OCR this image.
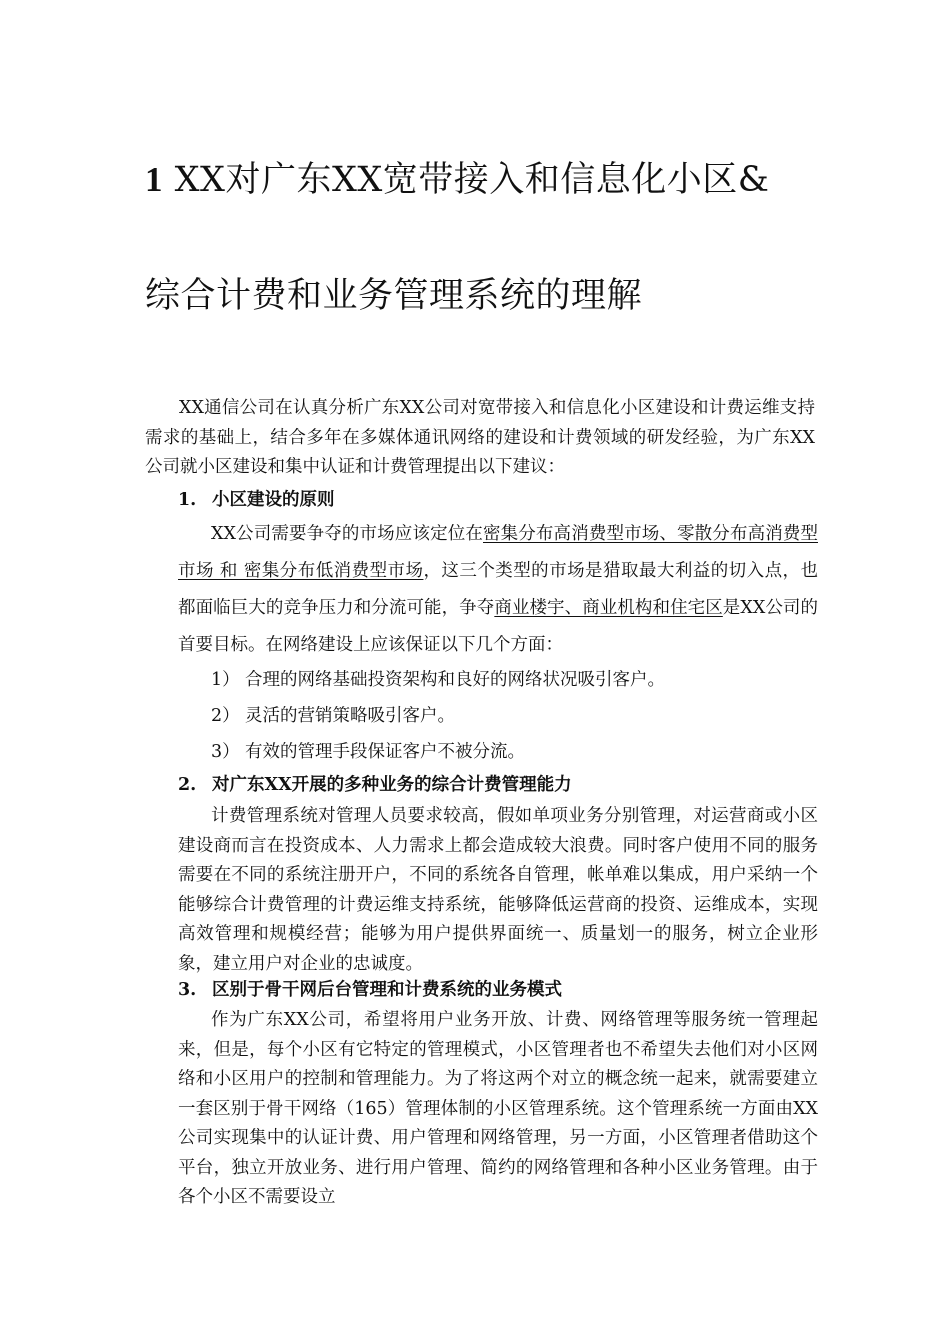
1 XX对广东XX宽带接入和信息化小区&
综合计费和业务管理系统的理解
XX通信公司在认真分析广东XX公司对宽带接入和信息化小区建设和计费运维支持需求的基础上，结合多年在多媒体通讯网络的建设和计费领域的研发经验，为广东XX公司就小区建设和集中认证和计费管理提出以下建议：
1. 小区建设的原则
XX公司需要争夺的市场应该定位在密集分布高消费型市场、零散分布高消费型市场 和 密集分布低消费型市场，这三个类型的市场是猎取最大利益的切入点，也都面临巨大的竞争压力和分流可能，争夺商业楼宇、商业机构和住宅区是XX公司的首要目标。在网络建设上应该保证以下几个方面：
1） 合理的网络基础投资架构和良好的网络状况吸引客户。
2） 灵活的营销策略吸引客户。
3） 有效的管理手段保证客户不被分流。
2. 对广东XX开展的多种业务的综合计费管理能力
计费管理系统对管理人员要求较高，假如单项业务分别管理，对运营商或小区建设商而言在投资成本、人力需求上都会造成较大浪费。同时客户使用不同的服务需要在不同的系统注册开户，不同的系统各自管理，帐单难以集成，用户采纳一个能够综合计费管理的计费运维支持系统，能够降低运营商的投资、运维成本，实现高效管理和规模经营；能够为用户提供界面统一、质量划一的服务，树立企业形象，建立用户对企业的忠诚度。
3. 区别于骨干网后台管理和计费系统的业务模式
作为广东XX公司，希望将用户业务开放、计费、网络管理等服务统一管理起来，但是，每个小区有它特定的管理模式，小区管理者也不希望失去他们对小区网络和小区用户的控制和管理能力。为了将这两个对立的概念统一起来，就需要建立一套区别于骨干网络（165）管理体制的小区管理系统。这个管理系统一方面由XX公司实现集中的认证计费、用户管理和网络管理，另一方面，小区管理者借助这个平台，独立开放业务、进行用户管理、简约的网络管理和各种小区业务管理。由于各个小区不需要设立
